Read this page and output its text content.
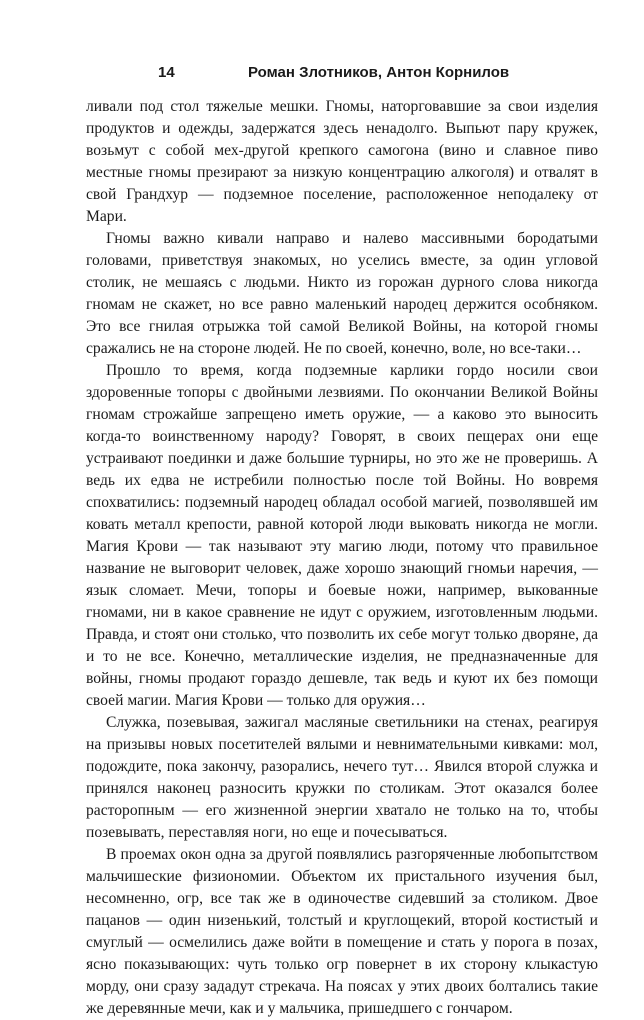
14	Роман Злотников, Антон Корнилов

ливали под стол тяжелые мешки. Гномы, наторговавшие за свои изделия продуктов и одежды, задержатся здесь ненадолго. Выпьют пару кружек, возьмут с собой мех-другой крепкого самогона (вино и славное пиво местные гномы презирают за низкую концентрацию алкоголя) и отвалят в свой Грандхур — подземное поселение, расположенное неподалеку от Мари.

Гномы важно кивали направо и налево массивными бородатыми головами, приветствуя знакомых, но уселись вместе, за один угловой столик, не мешаясь с людьми. Никто из горожан дурного слова никогда гномам не скажет, но все равно маленький народец держится особняком. Это все гнилая отрыжка той самой Великой Войны, на которой гномы сражались не на стороне людей. Не по своей, конечно, воле, но все-таки…

Прошло то время, когда подземные карлики гордо носили свои здоровенные топоры с двойными лезвиями. По окончании Великой Войны гномам строжайше запрещено иметь оружие, — а каково это выносить когда-то воинственному народу? Говорят, в своих пещерах они еще устраивают поединки и даже большие турниры, но это же не проверишь. А ведь их едва не истребили полностью после той Войны. Но вовремя спохватились: подземный народец обладал особой магией, позволявшей им ковать металл крепости, равной которой люди выковать никогда не могли. Магия Крови — так называют эту магию люди, потому что правильное название не выговорит человек, даже хорошо знающий гномьи наречия, — язык сломает. Мечи, топоры и боевые ножи, например, выкованные гномами, ни в какое сравнение не идут с оружием, изготовленным людьми. Правда, и стоят они столько, что позволить их себе могут только дворяне, да и то не все. Конечно, металлические изделия, не предназначенные для войны, гномы продают гораздо дешевле, так ведь и куют их без помощи своей магии. Магия Крови — только для оружия…

Служка, позевывая, зажигал масляные светильники на стенах, реагируя на призывы новых посетителей вялыми и невнимательными кивками: мол, подождите, пока закончу, разорались, нечего тут… Явился второй служка и принялся наконец разносить кружки по столикам. Этот оказался более расторопным — его жизненной энергии хватало не только на то, чтобы позевывать, переставляя ноги, но еще и почесываться.

В проемах окон одна за другой появлялись разгоряченные любопытством мальчишеские физиономии. Объектом их пристального изучения был, несомненно, огр, все так же в одиночестве сидевший за столиком. Двое пацанов — один низенький, толстый и круглощекий, второй костистый и смуглый — осмелились даже войти в помещение и стать у порога в позах, ясно показывающих: чуть только огр повернет в их сторону клыкастую морду, они сразу зададут стрекача. На поясах у этих двоих болтались такие же деревянные мечи, как и у мальчика, пришедшего с гончаром.
